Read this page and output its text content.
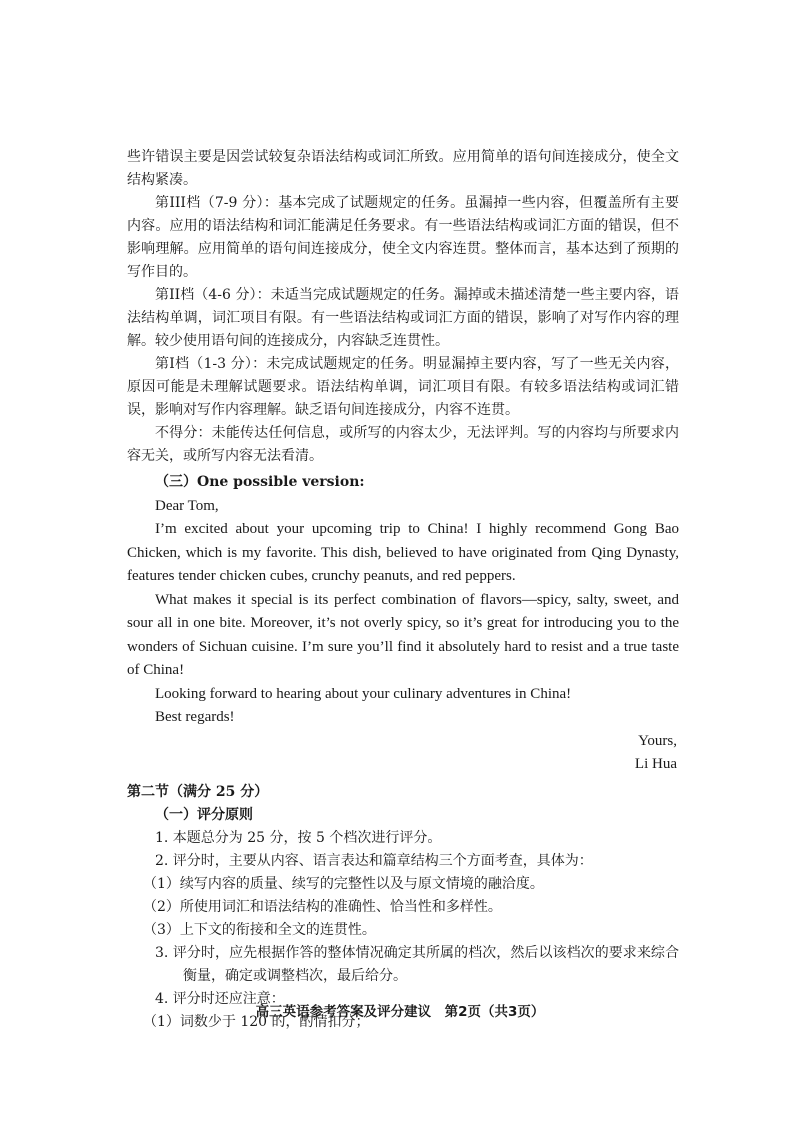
些许错误主要是因尝试较复杂语法结构或词汇所致。应用简单的语句间连接成分，使全文结构紧凑。

第III档（7-9 分）：基本完成了试题规定的任务。虽漏掉一些内容，但覆盖所有主要内容。应用的语法结构和词汇能满足任务要求。有一些语法结构或词汇方面的错误，但不影响理解。应用简单的语句间连接成分，使全文内容连贯。整体而言，基本达到了预期的写作目的。

第II档（4-6 分）：未适当完成试题规定的任务。漏掉或未描述清楚一些主要内容，语法结构单调，词汇项目有限。有一些语法结构或词汇方面的错误，影响了对写作内容的理解。较少使用语句间的连接成分，内容缺乏连贯性。

第I档（1-3 分）：未完成试题规定的任务。明显漏掉主要内容，写了一些无关内容，原因可能是未理解试题要求。语法结构单调，词汇项目有限。有较多语法结构或词汇错误，影响对写作内容理解。缺乏语句间连接成分，内容不连贯。

不得分：未能传达任何信息，或所写的内容太少，无法评判。写的内容均与所要求内容无关，或所写内容无法看清。

（三）One possible version:

Dear Tom,

I’m excited about your upcoming trip to China! I highly recommend Gong Bao Chicken, which is my favorite. This dish, believed to have originated from Qing Dynasty, features tender chicken cubes, crunchy peanuts, and red peppers.

What makes it special is its perfect combination of flavors—spicy, salty, sweet, and sour all in one bite. Moreover, it’s not overly spicy, so it’s great for introducing you to the wonders of Sichuan cuisine. I’m sure you’ll find it absolutely hard to resist and a true taste of China!

Looking forward to hearing about your culinary adventures in China!

Best regards!

Yours,

Li Hua

第二节（满分 25 分）

（一）评分原则

1. 本题总分为 25 分，按 5 个档次进行评分。

2. 评分时，主要从内容、语言表达和篇章结构三个方面考查，具体为：

（1）续写内容的质量、续写的完整性以及与原文情境的融洽度。

（2）所使用词汇和语法结构的准确性、恰当性和多样性。

（3）上下文的衔接和全文的连贯性。

3. 评分时，应先根据作答的整体情况确定其所属的档次，然后以该档次的要求来综合衡量，确定或调整档次，最后给分。

4. 评分时还应注意：

（1）词数少于 120 的，酌情扣分；

高三英语参考答案及评分建议　第2页（共3页）
